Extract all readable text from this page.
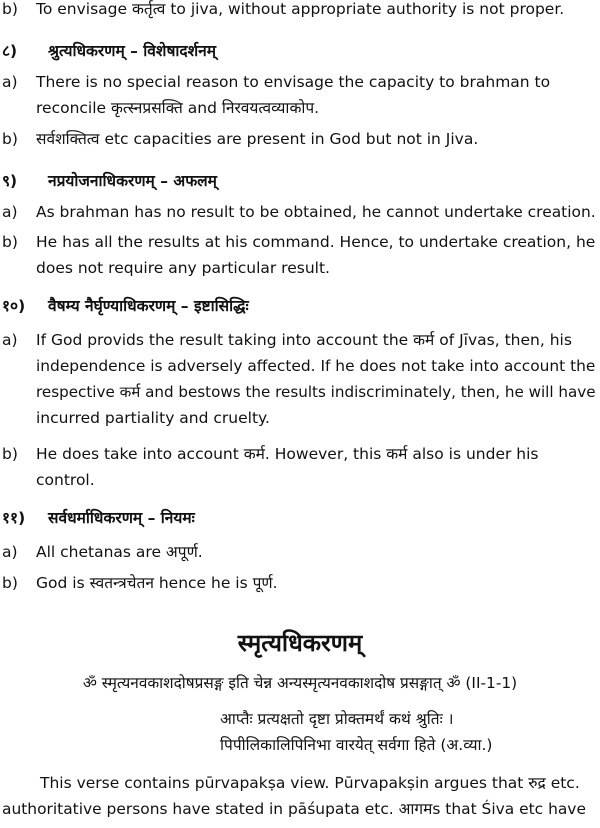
b) To envisage कर्तृत्व to jiva, without appropriate authority is not proper.
८) श्रुत्यधिकरणम् – विशेषादर्शनम्
a) There is no special reason to envisage the capacity to brahman to
reconcile कृत्स्नप्रसक्ति and निरवयत्वव्याकोप.
b) सर्वशक्तित्व etc capacities are present in God but not in Jiva.
९) नप्रयोजनाधिकरणम् – अफलम्
a) As brahman has no result to be obtained, he cannot undertake creation.
b) He has all the results at his command. Hence, to undertake creation, he
does not require any particular result.
१०) वैषम्य नैर्घृण्याधिकरणम् – इष्टासिद्धिः
a) If God provids the result taking into account the कर्म of Jīvas, then, his
independence is adversely affected. If he does not take into account the
respective कर्म and bestows the results indiscriminately, then, he will have
incurred partiality and cruelty.
b) He does take into account कर्म. However, this कर्म also is under his
control.
११) सर्वधर्माधिकरणम् – नियमः
a) All chetanas are अपूर्ण.
b) God is स्वतन्त्रचेतन hence he is पूर्ण.
स्मृत्यधिकरणम्
ॐ स्मृत्यनवकाशदोषप्रसङ्ग इति चेन्न अन्यस्मृत्यनवकाशदोष प्रसङ्गात् ॐ (II-1-1)
आप्तैः प्रत्यक्षतो दृष्टा प्रोक्तमर्थं कथं श्रुतिः ।
पिपीलिकालिपिनिभा वारयेत् सर्वगा हिते (अ.व्या.)
This verse contains pūrvapakṣa view. Pūrvapakṣin argues that रुद्र etc.
authoritative persons have stated in pāśupata etc. आगमs that Śiva etc have
